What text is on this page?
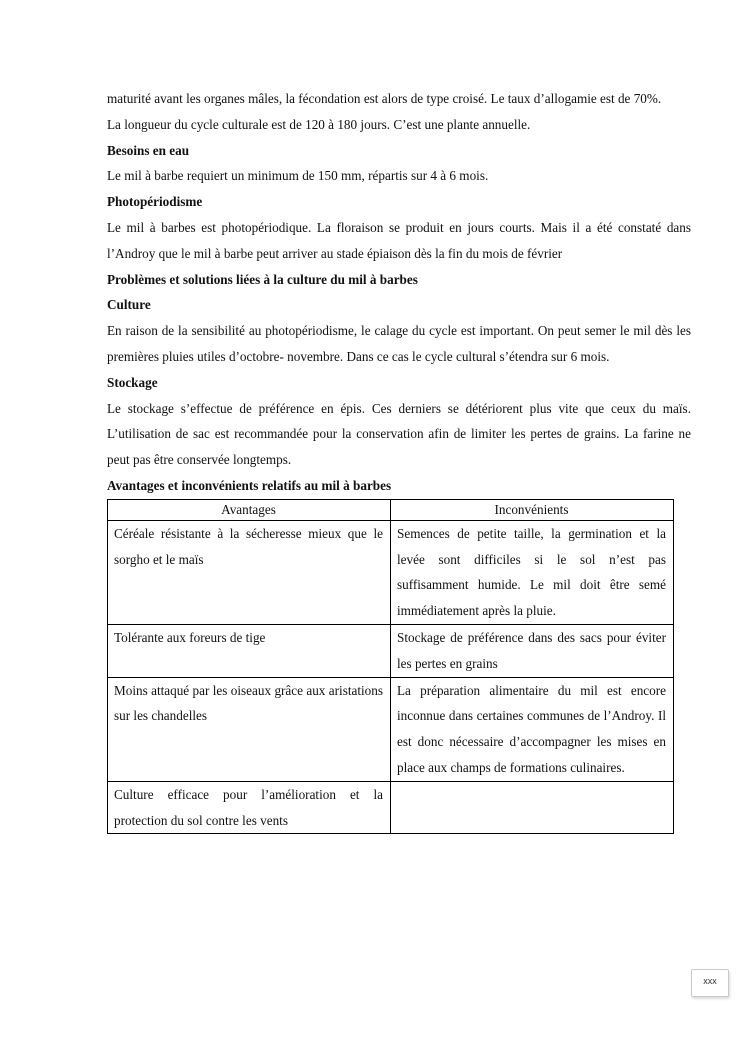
maturité avant les organes mâles, la fécondation est alors de type croisé. Le taux d’allogamie est de 70%.

La longueur du cycle culturale est de 120 à 180 jours. C’est une plante annuelle.

Besoins en eau

Le mil à barbe requiert un minimum de 150 mm, répartis sur 4 à 6 mois.

Photopériodisme

Le mil à barbes est photopériodique. La floraison se produit en jours courts. Mais il a été constaté dans l’Androy que le mil à barbe peut arriver au stade épiaison dès la fin du mois de février

Problèmes et solutions liées à la culture du mil à barbes
Culture

En raison de la sensibilité au photopériodisme, le calage du cycle est important. On peut semer le mil dès les premières pluies utiles d’octobre- novembre. Dans ce cas le cycle cultural s’étendra sur 6 mois.

Stockage

Le stockage s’effectue de préférence en épis. Ces derniers se détériorent plus vite que ceux du maïs. L’utilisation de sac est recommandée pour la conservation afin de limiter les pertes de grains. La farine ne peut pas être conservée longtemps.

Avantages et inconvénients relatifs au mil à barbes
Avantages	Inconvénients
Céréale résistante à la sécheresse mieux que le sorgho et le maïs	Semences de petite taille, la germination et la levée sont difficiles si le sol n’est pas suffisamment humide. Le mil doit être semé immédiatement après la pluie.
Tolérante aux foreurs de tige	Stockage de préférence dans des sacs pour éviter les pertes en grains
Moins attaqué par les oiseaux grâce aux aristations sur les chandelles	La préparation alimentaire du mil est encore inconnue dans certaines communes de l’Androy. Il est donc nécessaire d’accompagner les mises en place aux champs de formations culinaires.
Culture efficace pour l’amélioration et la protection du sol contre les vents	
xxx
